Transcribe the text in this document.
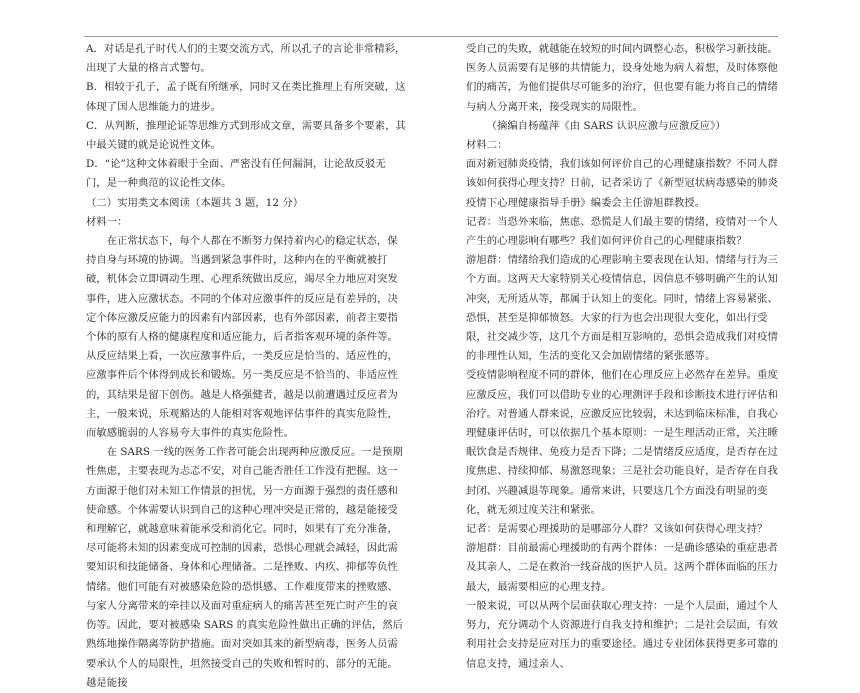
A．对话是孔子时代人们的主要交流方式，所以孔子的言论非常精彩，出现了大量的格言式警句。

B．相较于孔子，孟子既有所继承，同时又在类比推理上有所突破，这体现了国人思维能力的进步。

C．从判断，推理论证等思维方式到形成文章，需要具备多个要素，其中最关键的就是论说性文体。

D．“论”这种文体着眼于全面、严密没有任何漏洞，让论敌反驳无门，是一种典范的议论性文体。

（二）实用类文本阅读（本题共 3 题，12 分）

材料一：

在正常状态下，每个人都在不断努力保持着内心的稳定状态，保持自身与环境的协调。当遇到紧急事件时，这种内在的平衡就被打破，机体会立即调动生理、心理系统做出反应，竭尽全力地应对突发事件，进入应激状态。不同的个体对应激事件的反应是有差异的，决定个体应激反应能力的因素有内部因素，也有外部因素，前者主要指个体的原有人格的健康程度和适应能力，后者指客观环境的条件等。从反应结果上看，一次应激事件后，一类反应是恰当的、适应性的，应激事件后个体得到成长和锻炼。另一类反应是不恰当的、非适应性的，其结果是留下创伤。越是人格强健者，越是以前遭遇过反应者为主，一般来说，乐观豁达的人能相对客观地评估事件的真实危险性，而敏感脆弱的人容易夸大事件的真实危险性。

在 SARS 一线的医务工作者可能会出现两种应激反应。一是预期性焦虑，主要表现为忐忑不安，对自己能否胜任工作没有把握。这一方面源于他们对未知工作情景的担忧，另一方面源于强烈的责任感和使命感。个体需要认识到自己的这种心理冲突是正常的，越是能接受和理解它，就越意味着能承受和消化它。同时，如果有了充分准备，尽可能将未知的因素变成可控制的因素，恐惧心理就会减轻，因此需要知识和技能储备、身体和心理储备。二是挫败、内疚、抑郁等负性情绪。他们可能有对被感染危险的恐惧感、工作难度带来的挫败感、与家人分离带来的牵挂以及面对重症病人的痛苦甚至死亡时产生的哀伤等。因此，要对被感染 SARS 的真实危险性做出正确的评估，然后熟练地操作隔离等防护措施。面对突如其来的新型病毒，医务人员需要承认个人的局限性，坦然接受自己的失败和暂时的、部分的无能。越是能接

受自己的失败，就越能在较短的时间内调整心态，积极学习新技能。医务人员需要有足够的共情能力，设身处地为病人着想，及时体察他们的痛苦，为他们提供尽可能多的治疗，但也要有能力将自己的情绪与病人分离开来，接受现实的局限性。

（摘编自杨蕴萍《由 SARS 认识应激与应激反应》）

材料二：

面对新冠肺炎疫情，我们该如何评价自己的心理健康指数？不同人群该如何获得心理支持？日前，记者采访了《新型冠状病毒感染的肺炎疫情下心理健康指导手册》编委会主任游旭群教授。

记者：当恐外来临，焦虑、恐慌是人们最主要的情绪，疫情对一个人产生的心理影响有哪些？我们如何评价自己的心理健康指数？

游旭群：情绪给我们造成的心理影响主要表现在认知、情绪与行为三个方面。这两天大家特别关心疫情信息，因信息不够明确产生的认知冲突，无所适从等，都属于认知上的变化。同时，情绪上容易紧张、恐惧，甚至是抑郁愤怒。大家的行为也会出现很大变化，如出行受限，社交减少等，这几个方面是相互影响的，恐惧会造成我们对疫情的非理性认知，生活的变化又会加剧情绪的紧张感等。

受疫情影响程度不同的群体，他们在心理反应上必然存在差异。重度应激反应，我们可以借助专业的心理测评手段和诊断技术进行评估和治疗。对普通人群来说，应激反应比较弱，未达到临床标准，自我心理健康评估时，可以依据几个基本原则：一是生理活动正常，关注睡眠饮食是否规律、免疫力是否下降；二是情绪反应适度，是否存在过度焦虑、持续抑郁、易激怒现象；三是社会功能良好，是否存在自我封闭、兴趣减退等现象。通常来讲，只要这几个方面没有明显的变化，就无须过度关注和紧张。

记者：是需要心理援助的是哪部分人群？又该如何获得心理支持？

游旭群：目前最需心理援助的有两个群体：一是确诊感染的重症患者及其亲人，二是在救治一线奋战的医护人员。这两个群体面临的压力最大，最需要相应的心理支持。

一般来说，可以从两个层面获取心理支持：一是个人层面，通过个人努力，充分调动个人资源进行自我支持和维护；二是社会层面，有效利用社会支持是应对压力的重要途径。通过专业团体获得更多可靠的信息支持，通过亲人、
